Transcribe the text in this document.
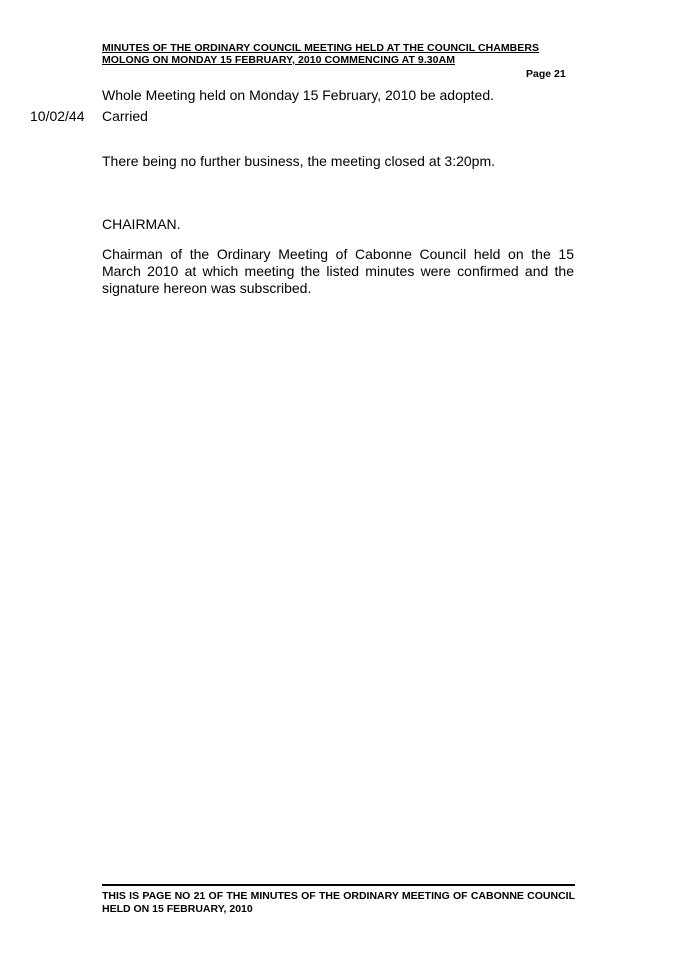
MINUTES OF THE ORDINARY COUNCIL MEETING HELD AT THE COUNCIL CHAMBERS
MOLONG ON MONDAY 15 FEBRUARY, 2010 COMMENCING AT 9.30AM
Page 21
Whole Meeting held on Monday 15 February, 2010 be adopted.
10/02/44 Carried
There being no further business, the meeting closed at 3:20pm.
CHAIRMAN.
Chairman of the Ordinary Meeting of Cabonne Council held on the 15 March 2010 at which meeting the listed minutes were confirmed and the signature hereon was subscribed.
THIS IS PAGE NO 21 OF THE MINUTES OF THE ORDINARY MEETING OF CABONNE COUNCIL HELD ON 15 FEBRUARY, 2010
